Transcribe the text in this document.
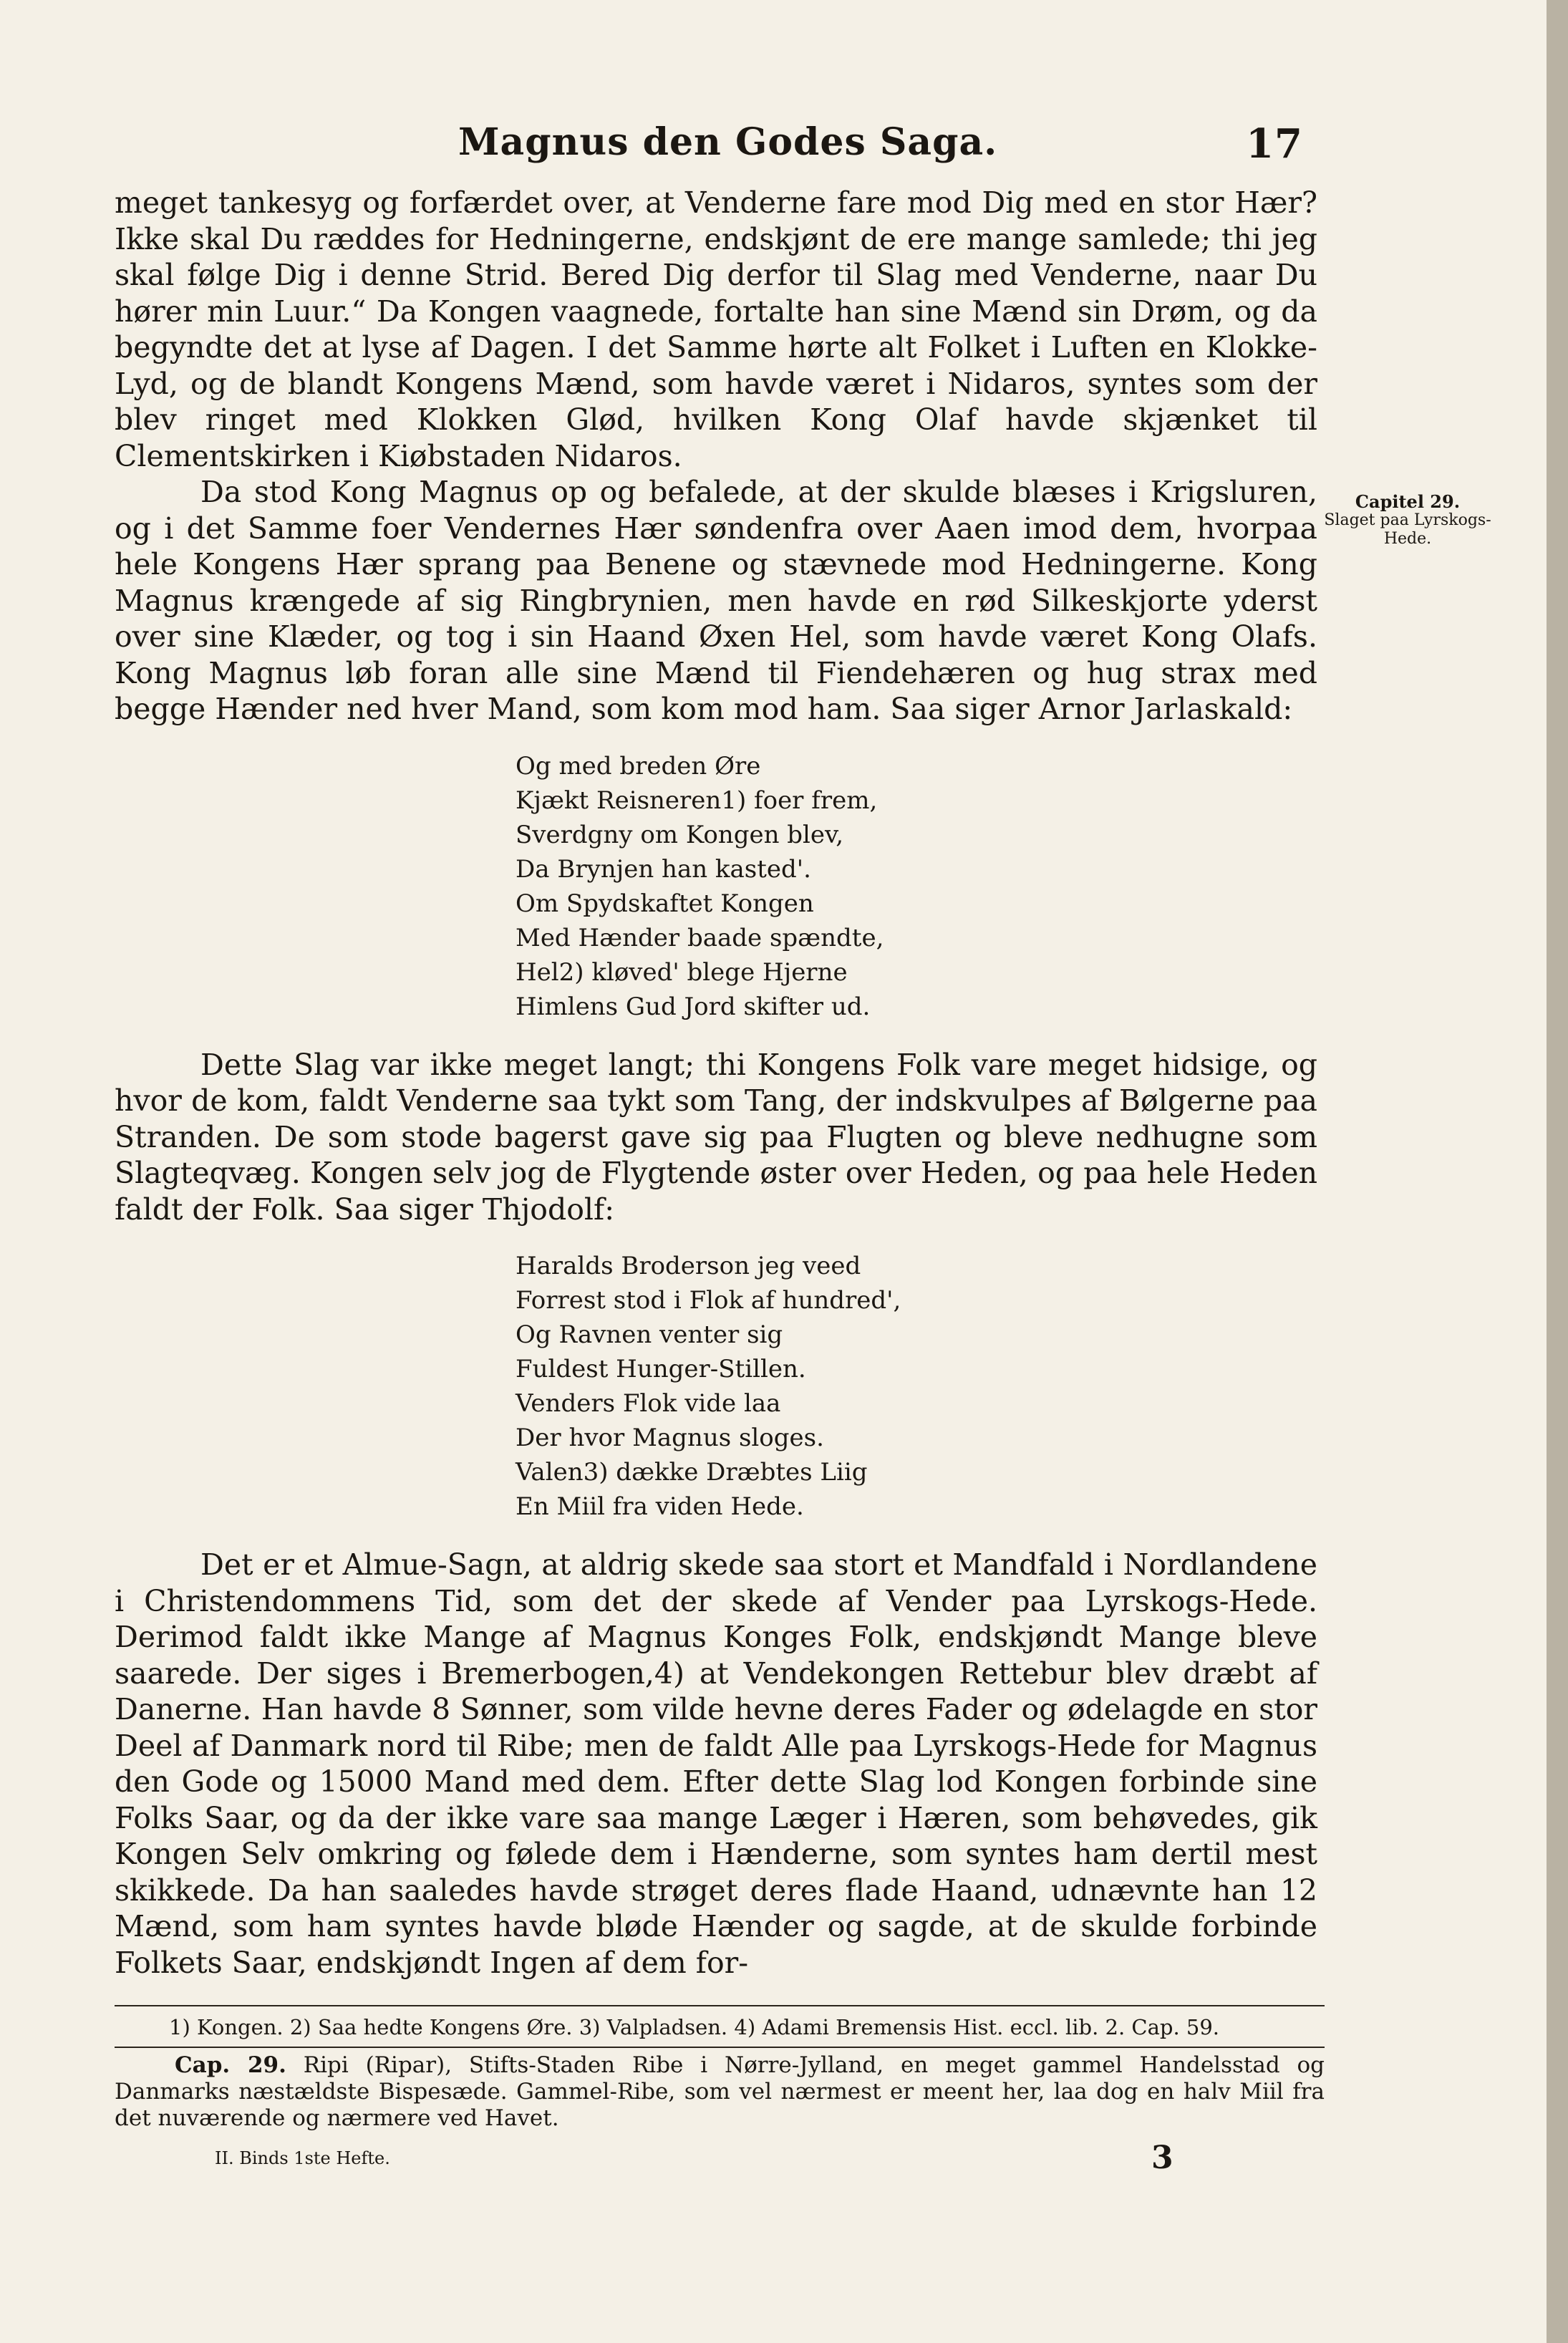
Magnus den Godes Saga.	17

meget tankesyg og forfærdet over, at Venderne fare mod Dig med en stor Hær? Ikke skal Du ræddes for Hedningerne, endskjønt de ere mange samlede; thi jeg skal følge Dig i denne Strid. Bered Dig derfor til Slag med Venderne, naar Du hører min Luur.“ Da Kongen vaagnede, fortalte han sine Mænd sin Drøm, og da begyndte det at lyse af Dagen. I det Samme hørte alt Folket i Luften en Klokke-Lyd, og de blandt Kongens Mænd, som havde været i Nidaros, syntes som der blev ringet med Klokken Glød, hvilken Kong Olaf havde skjænket til Clementskirken i Kiøbstaden Nidaros.

Da stod Kong Magnus op og befalede, at der skulde blæses i Krigsluren, og i det Samme foer Vendernes Hær søndenfra over Aaen imod dem, hvorpaa hele Kongens Hær sprang paa Benene og stævnede mod Hedningerne. Kong Magnus krængede af sig Ringbrynien, men havde en rød Silkeskjorte yderst over sine Klæder, og tog i sin Haand Øxen Hel, som havde været Kong Olafs. Kong Magnus løb foran alle sine Mænd til Fiendehæren og hug strax med begge Hænder ned hver Mand, som kom mod ham. Saa siger Arnor Jarlaskald:

Og med breden Øre
Kjækt Reisneren1) foer frem,
Sverdgny om Kongen blev,
Da Brynjen han kasted'.
Om Spydskaftet Kongen
Med Hænder baade spændte,
Hel2) kløved' blege Hjerne
Himlens Gud Jord skifter ud.

Dette Slag var ikke meget langt; thi Kongens Folk vare meget hidsige, og hvor de kom, faldt Venderne saa tykt som Tang, der indskvulpes af Bølgerne paa Stranden. De som stode bagerst gave sig paa Flugten og bleve nedhugne som Slagteqvæg. Kongen selv jog de Flygtende øster over Heden, og paa hele Heden faldt der Folk. Saa siger Thjodolf:

Haralds Broderson jeg veed
Forrest stod i Flok af hundred',
Og Ravnen venter sig
Fuldest Hunger-Stillen.
Venders Flok vide laa
Der hvor Magnus sloges.
Valen3) dække Dræbtes Liig
En Miil fra viden Hede.

Det er et Almue-Sagn, at aldrig skede saa stort et Mandfald i Nordlandene i Christendommens Tid, som det der skede af Vender paa Lyrskogs-Hede. Derimod faldt ikke Mange af Magnus Konges Folk, endskjøndt Mange bleve saarede. Der siges i Bremerbogen,4) at Vendekongen Rettebur blev dræbt af Danerne. Han havde 8 Sønner, som vilde hevne deres Fader og ødelagde en stor Deel af Danmark nord til Ribe; men de faldt Alle paa Lyrskogs-Hede for Magnus den Gode og 15000 Mand med dem. Efter dette Slag lod Kongen forbinde sine Folks Saar, og da der ikke vare saa mange Læger i Hæren, som behøvedes, gik Kongen Selv omkring og følede dem i Hænderne, som syntes ham dertil mest skikkede. Da han saaledes havde strøget deres flade Haand, udnævnte han 12 Mænd, som ham syntes havde bløde Hænder og sagde, at de skulde forbinde Folkets Saar, endskjøndt Ingen af dem for-

Capitel 29.
Slaget paa Lyrskogs-Hede.
1) Kongen. 2) Saa hedte Kongens Øre. 3) Valpladsen. 4) Adami Bremensis Hist. eccl. lib. 2. Cap. 59.
Cap. 29. Ripi (Ripar), Stifts-Staden Ribe i Nørre-Jylland, en meget gammel Handelsstad og Danmarks næstældste Bispesæde. Gammel-Ribe, som vel nærmest er meent her, laa dog en halv Miil fra det nuværende og nærmere ved Havet.
II. Binds 1ste Hefte.	3
